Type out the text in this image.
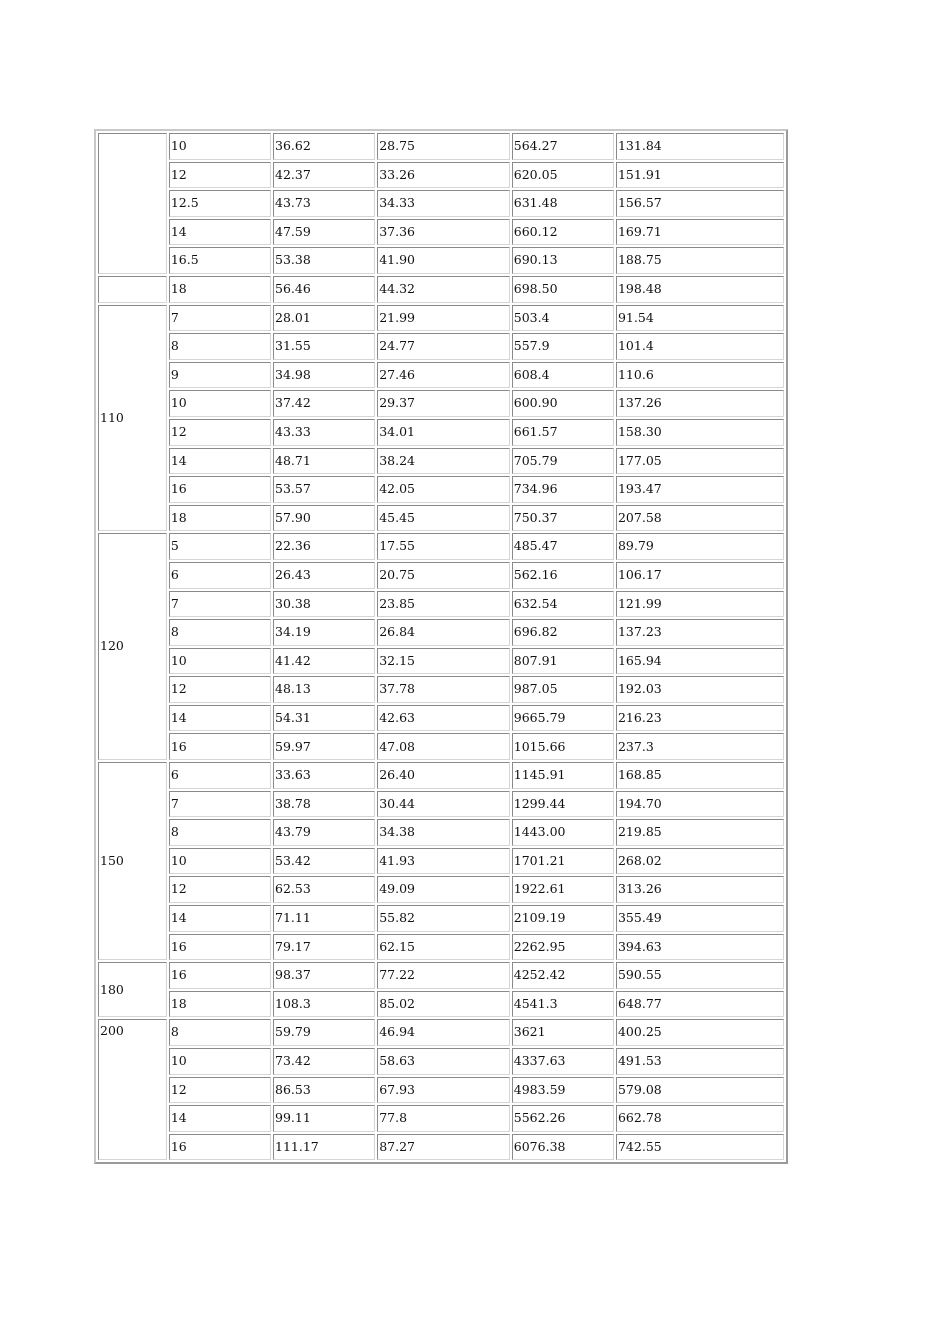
	10	36.62	28.75	564.27	131.84
	12	42.37	33.26	620.05	151.91
	12.5	43.73	34.33	631.48	156.57
	14	47.59	37.36	660.12	169.71
	16.5	53.38	41.90	690.13	188.75
	18	56.46	44.32	698.50	198.48
110	7	28.01	21.99	503.4	91.54
	8	31.55	24.77	557.9	101.4
	9	34.98	27.46	608.4	110.6
	10	37.42	29.37	600.90	137.26
	12	43.33	34.01	661.57	158.30
	14	48.71	38.24	705.79	177.05
	16	53.57	42.05	734.96	193.47
	18	57.90	45.45	750.37	207.58
120	5	22.36	17.55	485.47	89.79
	6	26.43	20.75	562.16	106.17
	7	30.38	23.85	632.54	121.99
	8	34.19	26.84	696.82	137.23
	10	41.42	32.15	807.91	165.94
	12	48.13	37.78	987.05	192.03
	14	54.31	42.63	9665.79	216.23
	16	59.97	47.08	1015.66	237.3
150	6	33.63	26.40	1145.91	168.85
	7	38.78	30.44	1299.44	194.70
	8	43.79	34.38	1443.00	219.85
	10	53.42	41.93	1701.21	268.02
	12	62.53	49.09	1922.61	313.26
	14	71.11	55.82	2109.19	355.49
	16	79.17	62.15	2262.95	394.63
180	16	98.37	77.22	4252.42	590.55
	18	108.3	85.02	4541.3	648.77
200	8	59.79	46.94	3621	400.25
	10	73.42	58.63	4337.63	491.53
	12	86.53	67.93	4983.59	579.08
	14	99.11	77.8	5562.26	662.78
	16	111.17	87.27	6076.38	742.55
